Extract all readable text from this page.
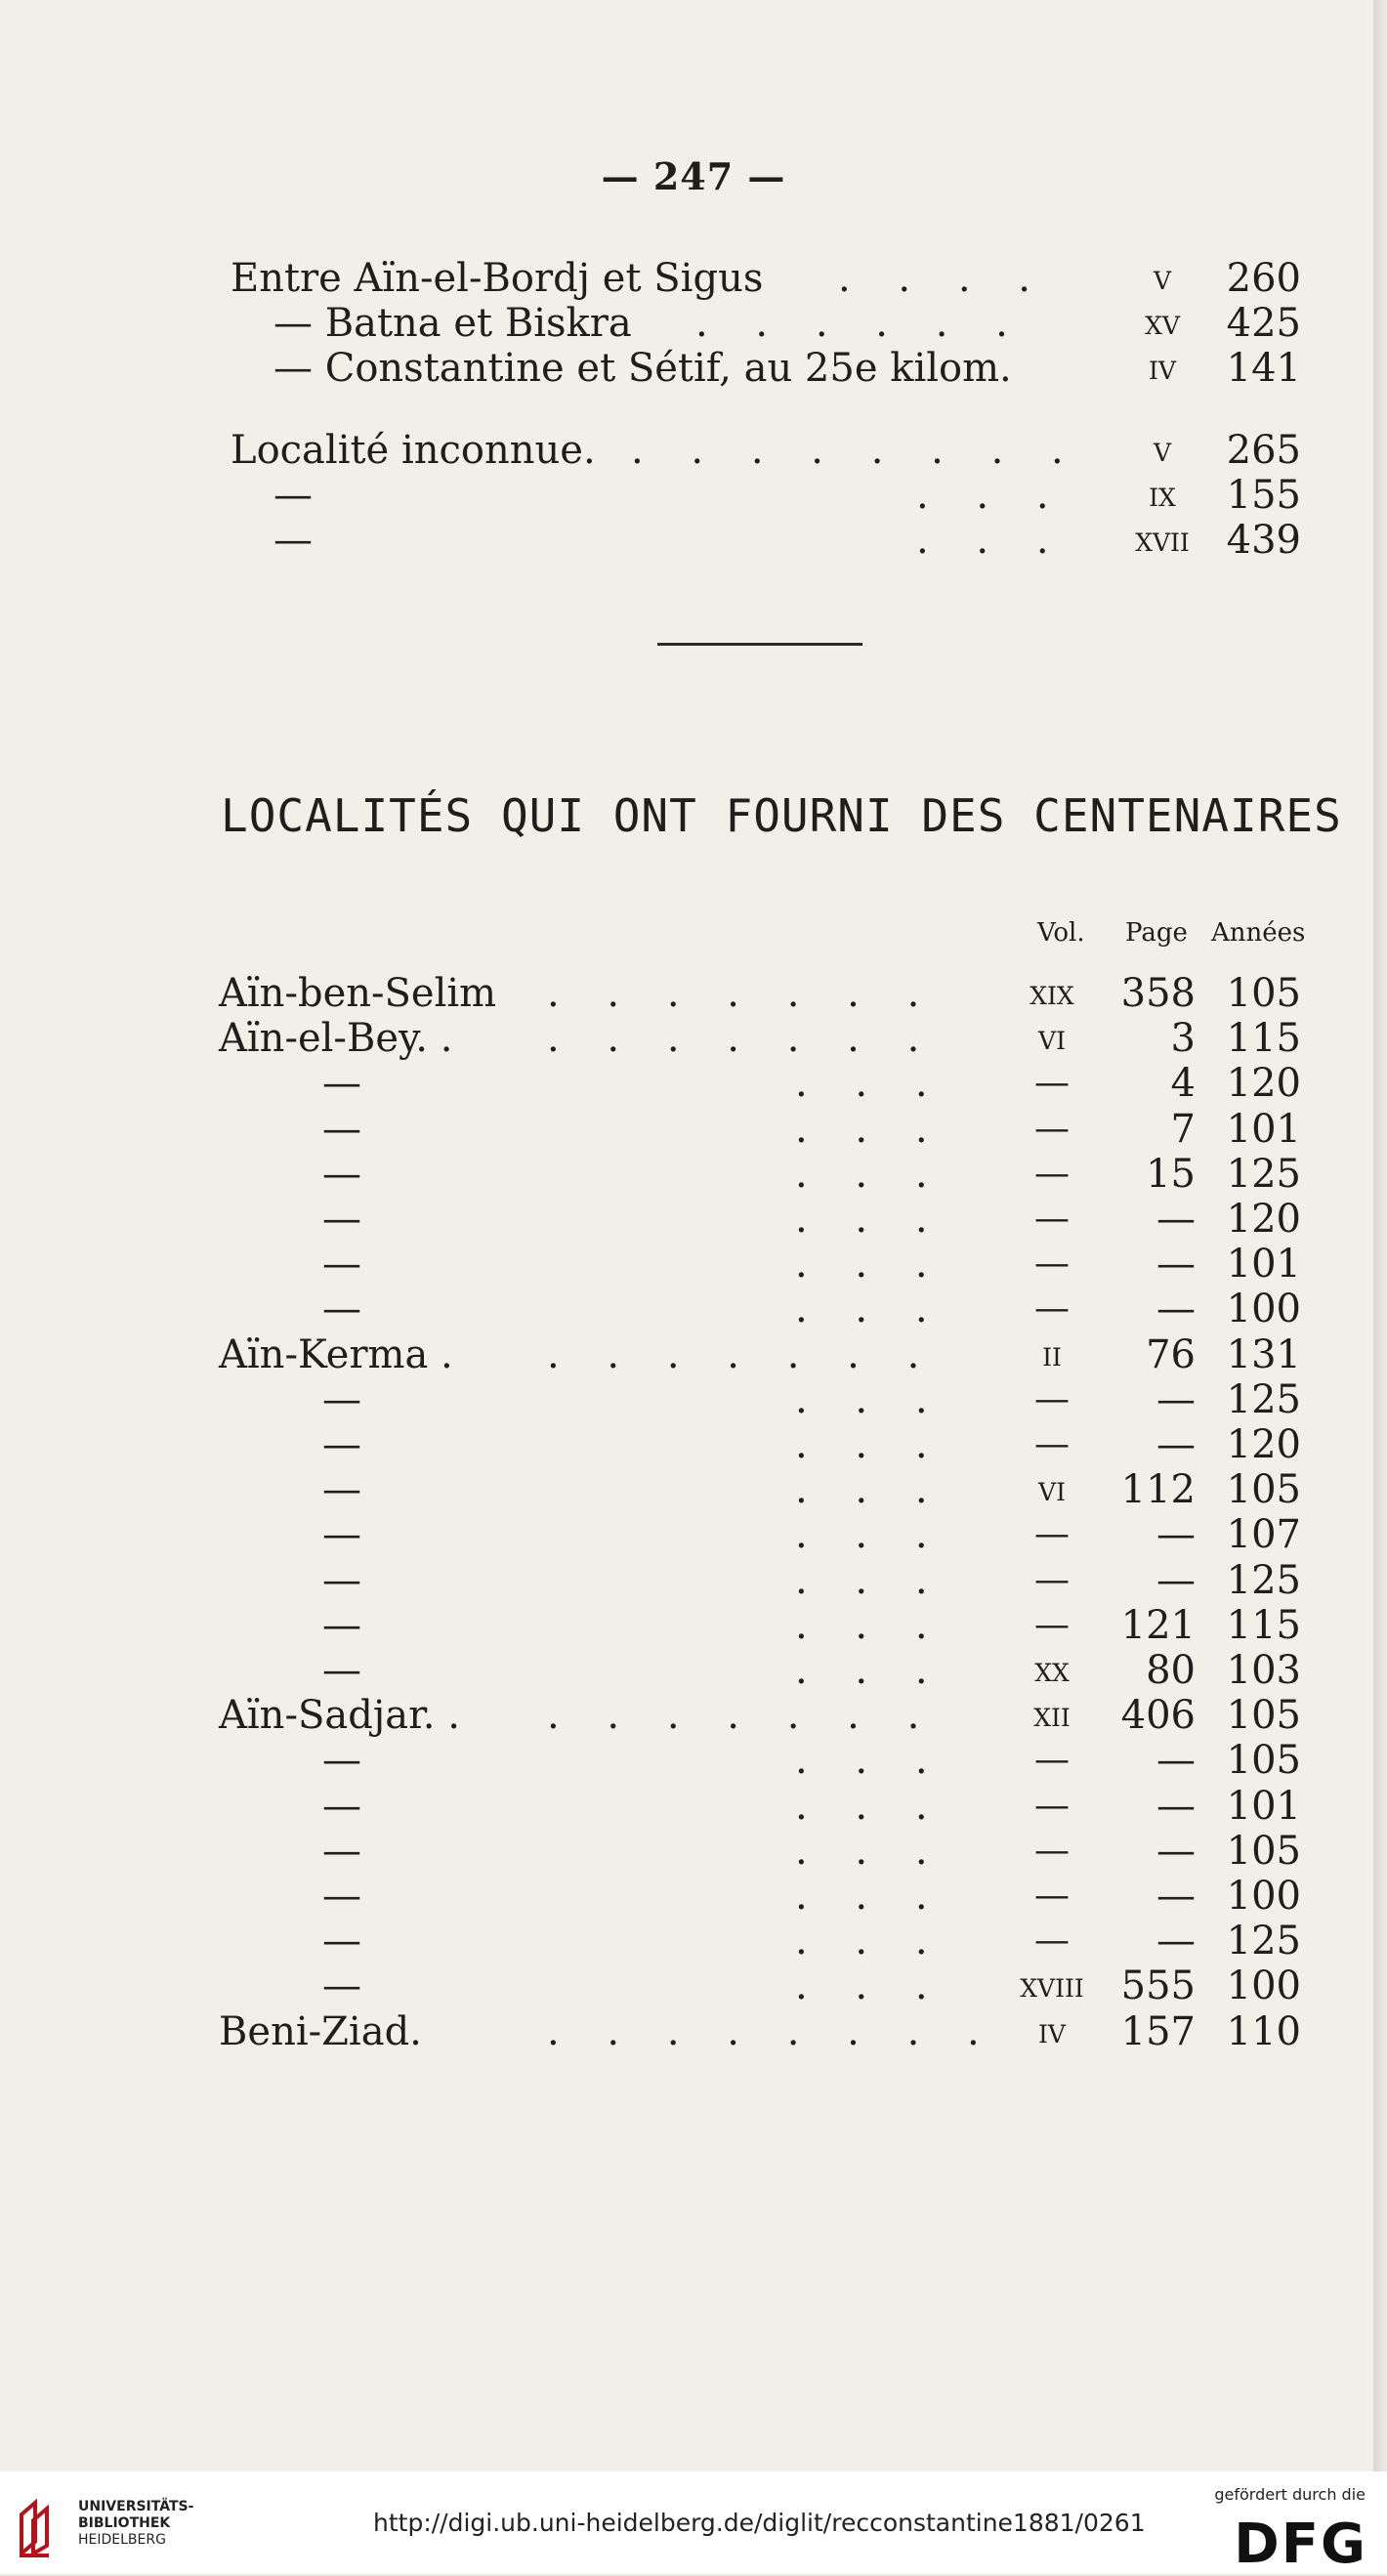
— 247 —
Entre Aïn-el-Bordj et Sigus . . . .	v	260
— Batna et Biskra . . . . . .	xv	425
— Constantine et Sétif, au 25e kilom.	iv	141
Localité inconnue. . . . . . . . .	v	265
—	. . .	ix	155
—	. . .	xvii 439
LOCALITÉS QUI ONT FOURNI DES CENTENAIRES
Vol. Page Années
Aïn-ben-Selim . . . . . . .	xix	358 105
Aïn-el-Bey. . . . . . . . .	vi	3 115
—	. . .	—	4 120
—	. . .	—	7 101
—	. . .	—	15 125
—	. . .	—	— 120
—	. . .	—	— 101
—	. . .	—	— 100
Aïn-Kerma . . . . . . . .	ii	76 131
—	. . .	—	— 125
—	. . .	—	— 120
—	. . .	vi	112 105
—	. . .	—	— 107
—	. . .	—	— 125
—	. . .	—	121 115
—	. . .	xx	80 103
Aïn-Sadjar. . . . . . . . .	xii	406 105
—	. . .	—	— 105
—	. . .	—	— 101
—	. . .	—	— 105
—	. . .	—	— 100
—	. . .	—	— 125
—	. . .	xviii 555 100
Beni-Ziad.	. . . . . . . .	iv	157 110
UNIVERSITÄTS-
BIBLIOTHEK
HEIDELBERG
http://digi.ub.uni-heidelberg.de/diglit/recconstantine1881/0261
gefördert durch die
DFG
